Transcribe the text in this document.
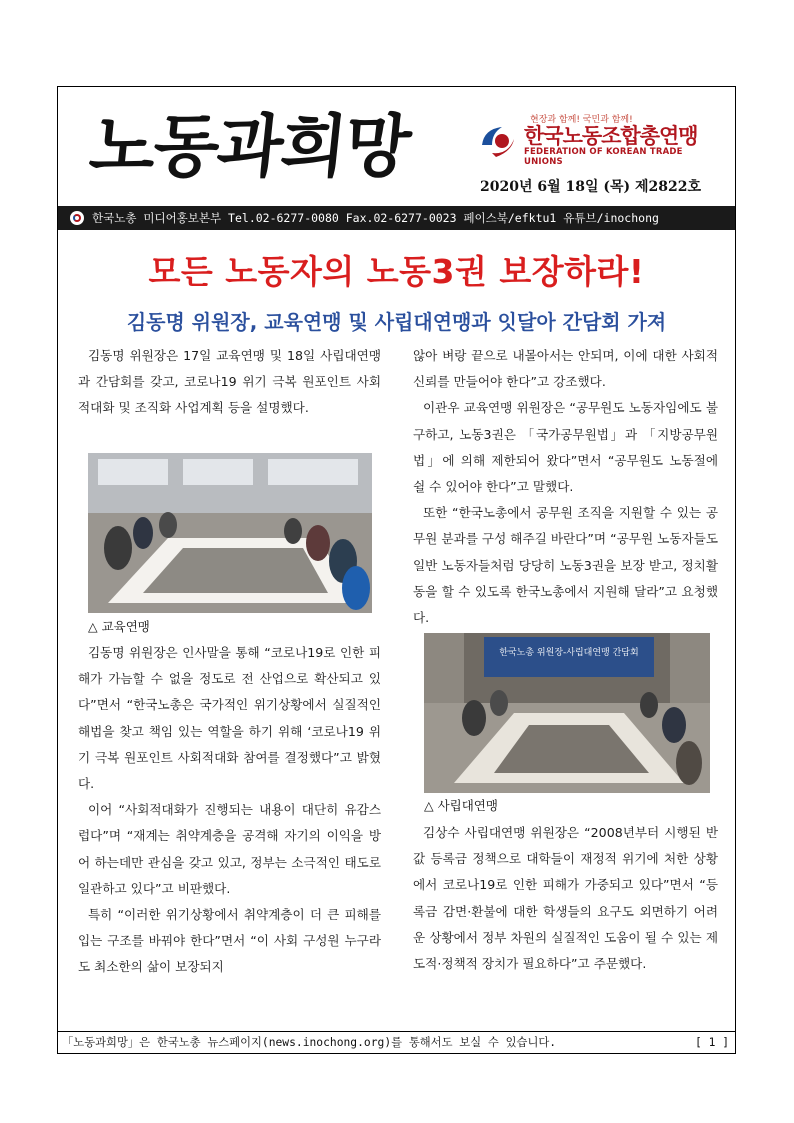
노동과희망	현장과 함께! 국민과 함께!
한국노동조합총연맹
FEDERATION OF KOREAN TRADE UNIONS
2020년 6월 18일 (목) 제2822호
한국노총 미디어홍보본부 Tel.02-6277-0080 Fax.02-6277-0023 페이스북/efktu1 유튜브/inochong
모든 노동자의 노동3권 보장하라!
김동명 위원장, 교육연맹 및 사립대연맹과 잇달아 간담회 가져

김동명 위원장은 17일 교육연맹 및 18일 사립대연맹과 간담회를 갖고, 코로나19 위기 극복 원포인트 사회적대화 및 조직화 사업계획 등을 설명했다.

△ 교육연맹

김동명 위원장은 인사말을 통해 “코로나19로 인한 피해가 가늠할 수 없을 정도로 전 산업으로 확산되고 있다”면서 “한국노총은 국가적인 위기상황에서 실질적인 해법을 찾고 책임 있는 역할을 하기 위해 ‘코로나19 위기 극복 원포인트 사회적대화 참여를 결정했다”고 밝혔다.

이어 “사회적대화가 진행되는 내용이 대단히 유감스럽다”며 “재계는 취약계층을 공격해 자기의 이익을 방어 하는데만 관심을 갖고 있고, 정부는 소극적인 태도로 일관하고 있다”고 비판했다.

특히 “이러한 위기상황에서 취약계층이 더 큰 피해를 입는 구조를 바꿔야 한다”면서 “이 사회 구성원 누구라도 최소한의 삶이 보장되지

않아 벼랑 끝으로 내몰아서는 안되며, 이에 대한 사회적 신뢰를 만들어야 한다”고 강조했다.

이관우 교육연맹 위원장은 “공무원도 노동자임에도 불구하고, 노동3권은 「국가공무원법」과 「지방공무원법」에 의해 제한되어 왔다”면서 “공무원도 노동절에 쉴 수 있어야 한다”고 말했다.

또한 “한국노총에서 공무원 조직을 지원할 수 있는 공무원 분과를 구성 해주길 바란다”며 “공무원 노동자들도 일반 노동자들처럼 당당히 노동3권을 보장 받고, 정치활동을 할 수 있도록 한국노총에서 지원해 달라”고 요청했다.

한국노총 위원장-사립대연맹 간담회
△ 사립대연맹

김상수 사립대연맹 위원장은 “2008년부터 시행된 반값 등록금 정책으로 대학들이 재정적 위기에 처한 상황에서 코로나19로 인한 피해가 가중되고 있다”면서 “등록금 감면·환불에 대한 학생들의 요구도 외면하기 어려운 상황에서 정부 차원의 실질적인 도움이 될 수 있는 제도적·정책적 장치가 필요하다”고 주문했다.

「노동과희망」은 한국노총 뉴스페이지(news.inochong.org)를 통해서도 보실 수 있습니다.	[ 1 ]
